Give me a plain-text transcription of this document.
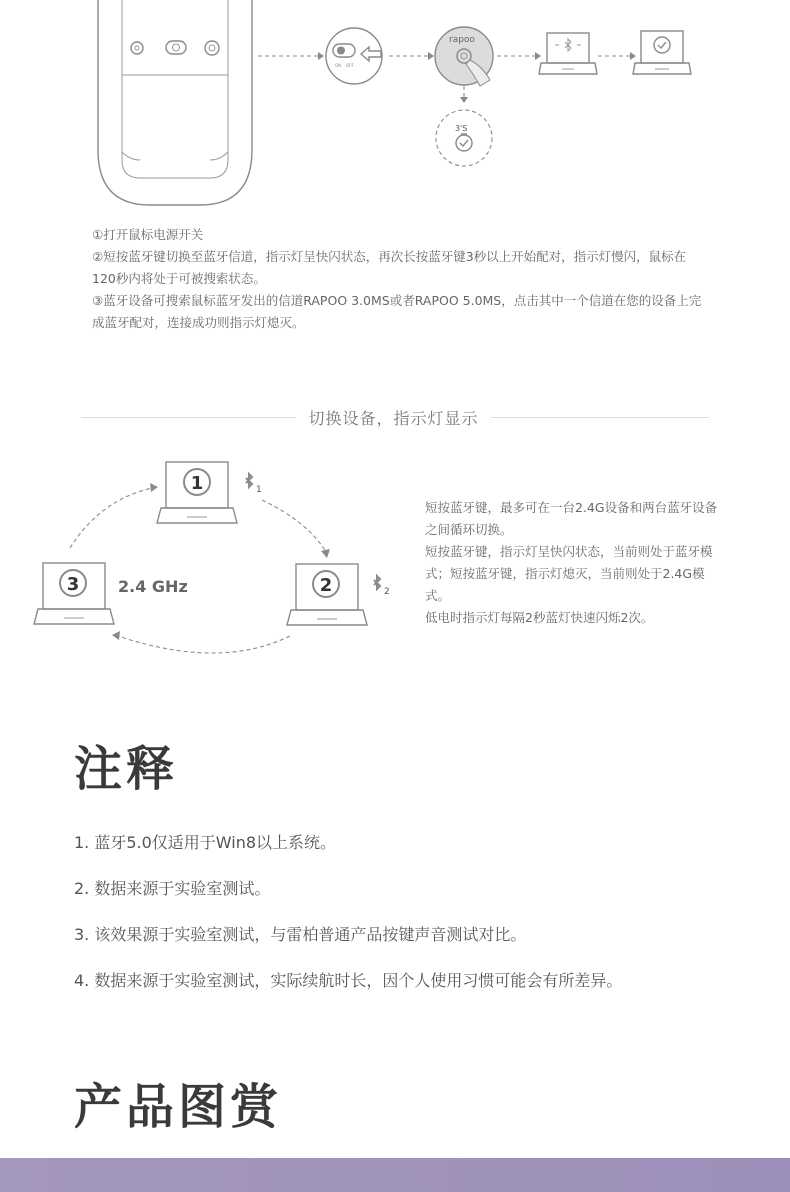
ON OFF
rapoo
3'S

①打开鼠标电源开关

②短按蓝牙键切换至蓝牙信道，指示灯呈快闪状态，再次长按蓝牙键3秒以上开始配对，指示灯慢闪，鼠标在120秒内将处于可被搜索状态。

③蓝牙设备可搜索鼠标蓝牙发出的信道RAPOO 3.0MS或者RAPOO 5.0MS，点击其中一个信道在您的设备上完成蓝牙配对，连接成功则指示灯熄灭。

切换设备，指示灯显示
1	1
2	2
3 2.4 GHz

短按蓝牙键，最多可在一台2.4G设备和两台蓝牙设备之间循环切换。

短按蓝牙键，指示灯呈快闪状态，当前则处于蓝牙模式；短按蓝牙键，指示灯熄灭，当前则处于2.4G模式。

低电时指示灯每隔2秒蓝灯快速闪烁2次。

注释
1. 蓝牙5.0仅适用于Win8以上系统。
2. 数据来源于实验室测试。
3. 该效果源于实验室测试，与雷柏普通产品按键声音测试对比。
4. 数据来源于实验室测试，实际续航时长，因个人使用习惯可能会有所差异。
产品图赏
